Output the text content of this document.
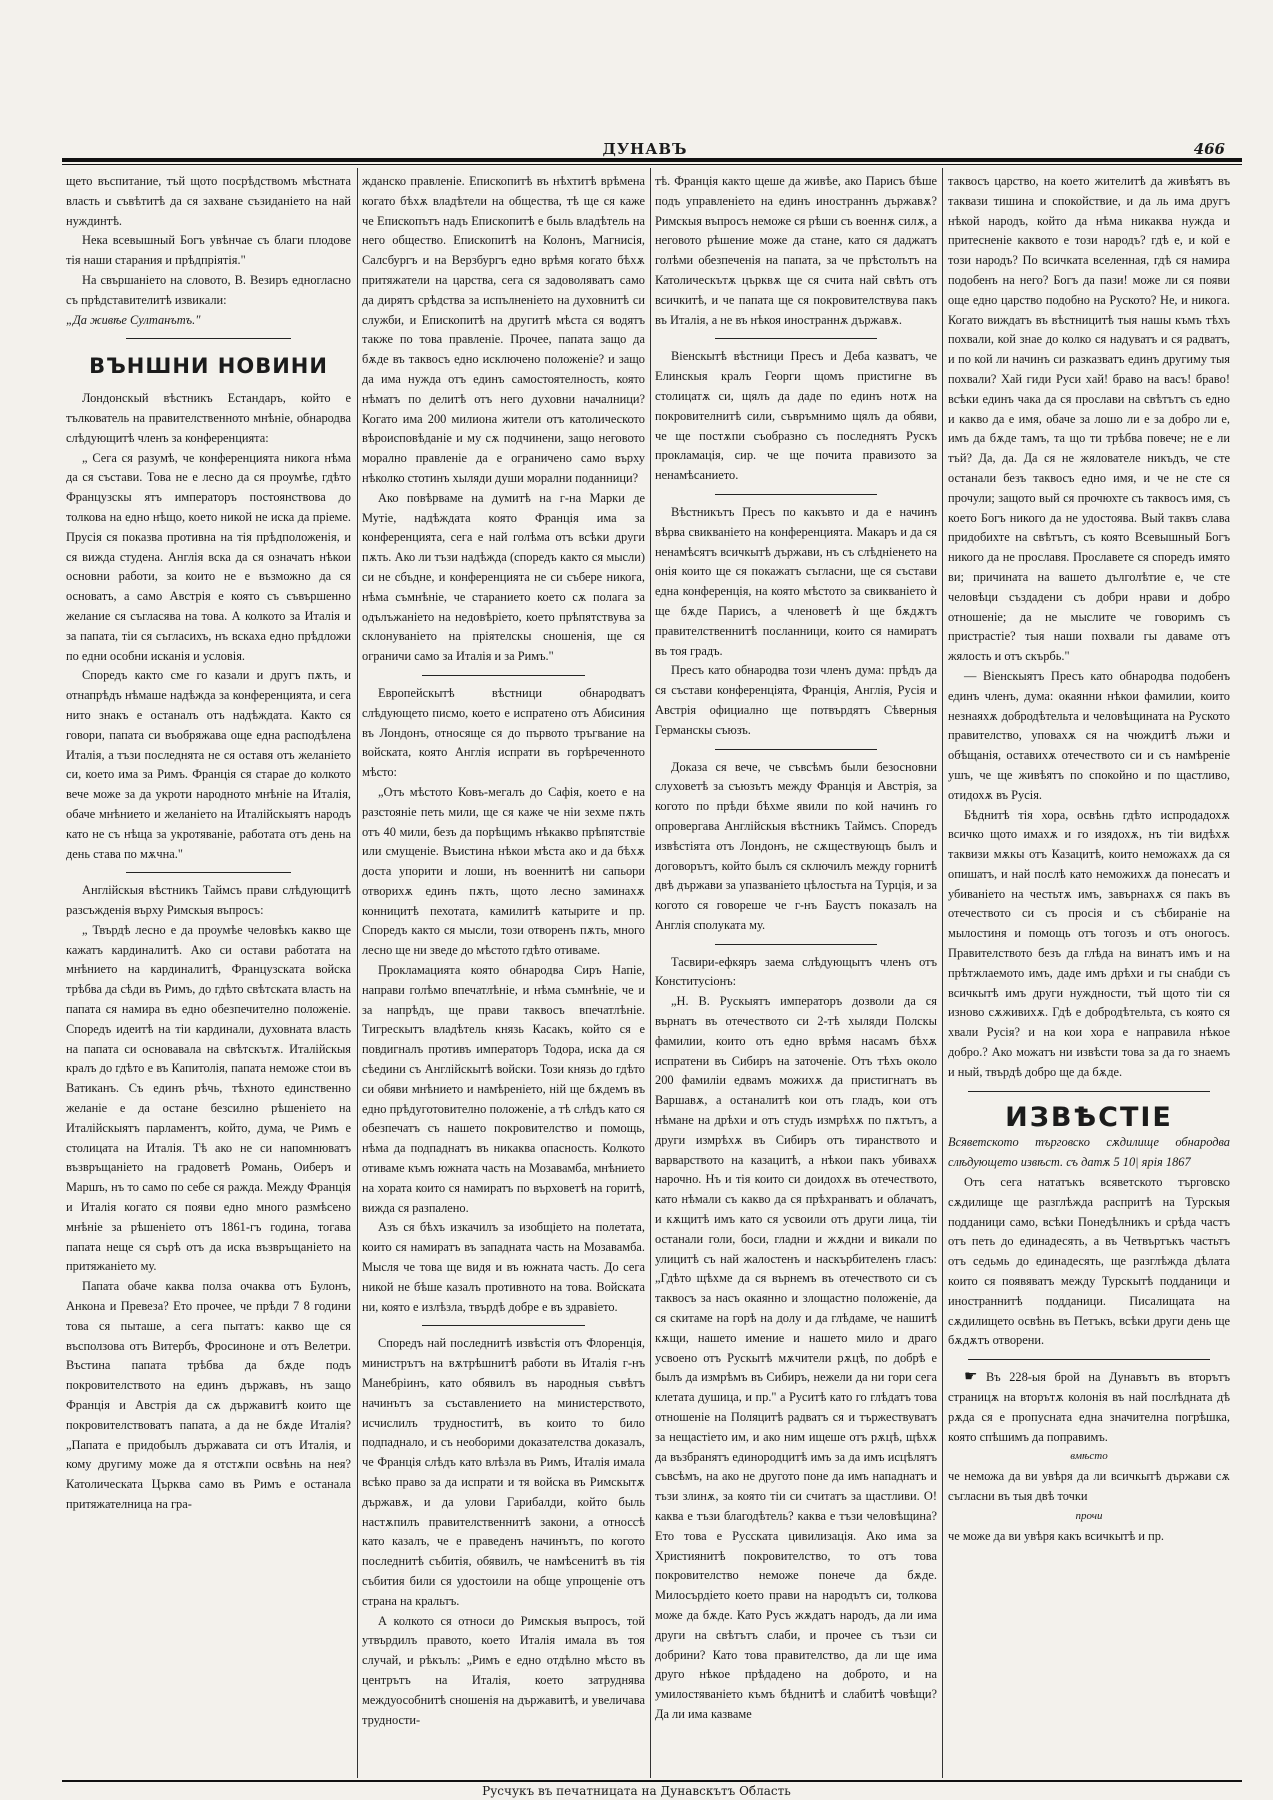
ДУНАВЪ	466

щето въспитание, тъй щото посрѣдствомъ мѣстната власть и съвѣтитѣ да ся захване съзиданіето на най нуждинтѣ.

Нека всевышный Богъ увѣнчае съ благи плодове тія наши старания и прѣдпріятія."

На свършаніето на словото, В. Везиръ едногласно съ прѣдставителитѣ извикали:

„Да живѣе Султанътъ."

ВЪНШНИ НОВИНИ

Лондонскый вѣстникъ Естандаръ, който е тълкователь на правителственното мнѣніе, обнародва слѣдующитѣ членъ за конференцията:

„ Сега ся разумѣ, че конференцията никога нѣма да ся състави. Това не е лесно да ся проумѣе, гдѣто Французскы ятъ императоръ постоянствова до толкова на едно нѣщо, което никой не иска да пріеме. Прусія ся показва противна на тія прѣдположенія, и ся вижда студена. Англія вска да ся означатъ нѣкои основни работи, за които не е възможно да ся основатъ, а само Австрія е която съ съвършенно желание ся съгласява на това. А колкото за Италія и за папата, тіи ся съгласихъ, нъ вскаха едно прѣдложи по едни особни исканія и условія.

Споредъ както сме го казали и другъ пѫть, и отнапрѣдъ нѣмаше надѣжда за конференцията, и сега нито знакъ е останалъ отъ надѣждата. Както ся говори, папата си въобряжава още една расподѣлена Италія, а тъзи последнята не ся оставя отъ желаніето си, което има за Римъ. Франція ся старае до колкото вече може за да укроти народното мнѣніе на Италія, обаче мнѣнието и желаніето на Италійскыятъ народъ като не съ нѣща за укротяваніе, работата отъ день на день става по мѫчна."

Англійскыя вѣстникъ Таймсъ прави слѣдующитѣ разсъжденія върху Римскыя въпросъ:

„ Твърдѣ лесно е да проумѣе человѣкъ какво ще кажатъ кардиналитѣ. Ако си остави работата на мнѣнието на кардиналитѣ, Французската войска трѣбва да сѣди въ Римъ, до гдѣто свѣтската власть на папата ся намира въ едно обезпечително положеніе. Споредъ идеитѣ на тіи кардинали, духовната власть на папата си основавала на свѣтскътѫ. Италійскыя кралъ до гдѣто е въ Капитолія, папата неможе стои въ Ватиканъ. Съ единъ рѣчь, тѣхното единственно желаніе е да остане безсилно рѣшеніето на Италійскыятъ парламентъ, който, дума, че Римъ е столицата на Италія. Тѣ ако не си напомнюватъ възвръщаніето на градоветѣ Романь, Оиберъ и Маршъ, нъ то само по себе ся ражда. Между Франція и Италія когато ся появи едно много размѣсено мнѣніе за рѣшеніето отъ 1861-гъ година, тогава папата неще ся сърѣ отъ да иска възвръщаніето на притяжаніето му.

Папата обаче каква полза очаква отъ Булонъ, Анкона и Превеза? Ето прочее, че прѣди 7 8 години това ся пыташе, а сега пытатъ: какво ще ся въсползова отъ Витербъ, Фросиноне и отъ Велетри. Въстина папата трѣбва да бѫде подъ покровителството на единъ държавъ, нъ защо Франція и Австрія да сѫ държавитѣ които ще покровителствоватъ папата, а да не бѫде Италія? „Папата е придобылъ държавата си отъ Италія, и кому другиму може да я отстѫпи освѣнь на нея? Католическата Църква само въ Римъ е останала притяжателница на гра-

жданско правленіе. Епископитѣ въ нѣхтитѣ врѣмена когато бѣхѫ владѣтели на общества, тѣ ще ся каже че Епископътъ надъ Епископитѣ е быль владѣтель на него общество. Епископитѣ на Колонъ, Магнисія, Салсбургъ и на Верзбургъ едно врѣмя когато бѣхѫ притяжатели на царства, сега ся задоволяватъ само да дирятъ срѣдства за испълненіето на духовнитѣ си служби, и Епископитѣ на другитѣ мѣста ся водятъ также по това правленіе. Прочее, папата защо да бѫде въ таквосъ едно исключено положеніе? и защо да има нужда отъ единъ самостоятелность, която нѣматъ по делитѣ отъ него духовни началници? Когато има 200 милиона жители отъ католическото вѣроисповѣданіе и му сѫ подчинени, защо неговото морално правленіе да е ограничено само върху нѣколко стотинъ хыляди души морални поданници?

Ако повѣрваме на думитѣ на г-на Марки де Мутіе, надѣждата която Франція има за конференцията, сега е най голѣма отъ всѣки други пѫть. Ако ли тъзи надѣжда (споредъ както ся мысли) си не сбъдне, и конференцията не си съберe никога, нѣма съмнѣніе, че старанието което сѫ полага за одълъжаніето на недовѣріето, което прѣпятствува за склонуваніето на пріятелскы сношенія, ще ся ограничи само за Италія и за Римъ."

Европейскытѣ вѣстници обнародватъ слѣдующето писмо, което е испратено отъ Абисиния въ Лондонъ, относяще ся до първото тръгвание на войската, която Англія испрати въ горѣреченното мѣсто:

„Отъ мѣстото Ковъ-мегалъ до Сафія, което е на разстояніе петь мили, ще ся каже че нiи зехме пѫть отъ 40 мили, безъ да порѣщимъ нѣкакво прѣпятствіе или смущеніе. Въистина нѣкои мѣста ако и да бѣхѫ доста упорити и лоши, нъ военнитѣ ни сапьори отворихѫ единъ пѫть, щото лесно заминахѫ конницитѣ пехотата, камилитѣ катырите и пр. Споредъ както ся мысли, този отворенъ пѫть, много лесно ще ни зведе до мѣстото гдѣто отиваме.

Прокламацията която обнародва Сиръ Напіе, направи голѣмо впечатлѣніе, и нѣма съмнѣніе, че и за напрѣдъ, ще прави таквосъ впечатлѣніе. Тигрескытъ владѣтель князь Касакъ, който ся е повдигналъ противъ императоръ Тодора, иска да ся сѣедини съ Англійскытѣ войски. Този князь до гдѣто си обяви мнѣнието и намѣреніето, нiй ще бѫдемъ въ едно прѣдуготовително положеніе, а тѣ слѣдъ като ся обезпечатъ съ нашето покровителство и помощь, нѣма да подпаднатъ въ никаква опасность. Колкото отиваме къмъ южната часть на Мозавамба, мнѣнието на хората които ся намиратъ по върховетѣ на горитѣ, вижда ся разпалено.

Азъ ся бѣхъ изкачилъ за изобщіето на полетата, които ся намиратъ въ западната часть на Мозавамба. Мысля че това ще видя и въ южната часть. До сега никой не бѣше казалъ противното на това. Войската ни, която е излѣзла, твърдѣ добре е въ здравіето.

Споредъ най последнитѣ извѣстія отъ Флоренція, министрътъ на вѫтрѣшнитѣ работи въ Италія г-нъ Манебрiинъ, като обявилъ въ народныя съвѣтъ начинътъ за съставлениeто на министерството, исчислилъ трудноститѣ, въ които то било подпаднало, и съ необорими доказателства доказалъ, че Франція слѣдъ като влѣзла въ Римъ, Италія имала всѣко право за да испрати и тя войска въ Римскытѫ държавѫ, и да улови Гарибалди, който быль настѫпилъ правителственнитѣ закони, а относсѣ като казалъ, че е праведенъ начинътъ, по когото последнитѣ събитія, обявилъ, че намѣсенитѣ въ тія събития били ся удостоили на обще упрощеніе отъ страна на кральтъ.

А колкото ся относи до Римскыя въпросъ, той утвърдилъ правото, което Италія имала въ тоя случай, и рѣкълъ: „Римъ е едно отдѣлно мѣсто въ центрътъ на Италія, което затруднява междуособнитѣ сношенія на държавитѣ, и увеличава трудности-

тѣ. Франція както щеше да живѣе, ако Парисъ бѣше подъ управленіето на единъ иностраннъ държавѫ? Римскыя въпросъ неможе ся рѣши съ военнѫ силѫ, а неговото рѣшение може да стане, като ся даджатъ голѣми обезпеченія на папата, за че прѣстолътъ на Католическътѫ църквѫ ще ся счита най свѣтъ отъ всичкитѣ, и че папата ще ся покровителствува пакъ въ Италія, а не въ нѣкоя иностраннѫ държавѫ.

Віенскытѣ вѣстници Пресъ и Деба казватъ, че Елинскыя кралъ Георги щомъ пристигне въ столицатѫ си, щялъ да даде по единъ нотѫ на покровителнитѣ сили, съвръмнимо щялъ да обяви, че ще постѫпи съобразно съ последнятъ Рускъ прокламація, сир. че ще почита правизото за ненамѣсанието.

Вѣстникътъ Пресъ по какъвто и да е начинъ вѣрва свикваніето на конференцията. Макаръ и да ся ненамѣсятъ всичкытѣ държави, нъ съ слѣдніенето на онія които ще ся покажатъ съгласни, ще ся състави една конференція, на която мѣстото за свикваніето ѝ ще бѫде Парисъ, а членоветѣ ѝ ще бѫдѫтъ правителственнитѣ посланници, които ся намиратъ въ тоя градъ.

Пресъ като обнародва този членъ дума: прѣдъ да ся състави конференціята, Франція, Англія, Русія и Австрія официално ще потвърдятъ Сѣверныя Германскы съюзъ.

Доказа ся вече, че съвсѣмъ были безосновни слуховетѣ за съюзътъ между Франція и Австрія, за когото по прѣди бѣхме явили по кой начинъ го опровергава Англійскыя вѣстникъ Таймсъ. Споредъ извѣстіята отъ Лондонъ, не сѫществующъ былъ и договорътъ, който былъ ся сключилъ между горнитѣ двѣ държави за упазваніето цѣлостьта на Турція, и за когото ся говореше че г-нъ Баустъ показалъ на Англія сполуката му.

Тасвири-ефкяръ заема слѣдующытъ членъ отъ Конститусіонъ:

„Н. В. Рускыятъ императоръ дозволи да ся върнатъ въ отечеството си 2-тѣ хыляди Полскы фамилии, които отъ едно врѣмя насамъ бѣхѫ испратени въ Сибиръ на заточеніе. Отъ тѣхъ около 200 фамиліи едвамъ можихѫ да пристигнатъ въ Варшавѫ, а останалитѣ кои отъ гладъ, кои отъ нѣмане на дрѣхи и отъ студъ измрѣхѫ по пѫтътъ, а други измрѣхѫ въ Сибиръ отъ тиранството и варварството на казацитѣ, а нѣкои пакъ убивахѫ нарочно. Нъ и тія които си доидохѫ въ отечеството, като нѣмали съ какво да ся прѣхранватъ и облачатъ, и кѫщитѣ имъ като ся усвоили отъ други лица, тіи останали голи, боси, гладни и жѫдни и викали по улицитѣ съ най жалостенъ и наскърбителенъ гласъ: „Гдѣто щѣхме да ся върнемъ въ отечеството си съ таквосъ за насъ окаянно и злощастно положеніе, да ся скитаме на горѣ на долу и да глѣдаме, че нашитѣ кѫщи, нашето имение и нашето мило и драго усвоено отъ Рускытѣ мѫчители рѫцѣ, по добрѣ е былъ да измрѣмъ въ Сибиръ, нежели да ни гори сега клетата душица, и пр." а Руситѣ като го глѣдатъ това отношеніе на Поляцитѣ радватъ ся и тържествуватъ за нещастіето им, и ако ним ищеше отъ рѫцѣ, щѣхѫ да възбранятъ единородцитѣ имъ за да имъ исцѣлятъ съвсѣмъ, на ако не другото поне да имъ нападнатъ и тъзи злинѫ, за която тіи си считатъ за щастливи. О! каква е тъзи благодѣтель? каква е тъзи человѣщина? Ето това е Русската цивилизація. Ако има за Християнитѣ покровителство, то отъ това покровителство неможе понече да бѫде. Милосърдіето което прави на народътъ си, толкова може да бѫде. Като Русъ жѫдатъ народъ, да ли има други на свѣтътъ слаби, и прочее съ тъзи си добрини? Като това правителство, да ли ще има друго нѣкое прѣдадено на доброто, и на умилостяваніето къмъ бѣднитѣ и слабитѣ човѣщи? Да ли има казваме

таквосъ царство, на което жителитѣ да живѣятъ въ таквази тишина и спокойствие, и да ль има другъ нѣкой народъ, който да нѣма никаква нужда и притесненіе каквото е този народъ? гдѣ е, и кой е този народъ? По всичката вселенная, гдѣ ся намира подобенъ на него? Богъ да пази! може ли ся появи още едно царство подобно на Руското? Не, и никога. Когато виждатъ въ вѣстницитѣ тыя нашы къмъ тѣхъ похвали, кой знае до колко ся надуватъ и ся радватъ, и по кой ли начинъ си разказватъ единъ другиму тыя похвали? Хай гиди Руси хай! браво на васъ! браво! всѣки единъ чака да ся прослави на свѣтътъ съ едно и какво да е имя, обаче за лошо ли е за добро ли е, имъ да бѫде тамъ, та що ти трѣбва повече; не е ли тъй? Да, да. Да ся не жялователе никъдъ, че сте останали безъ таквосъ едно имя, и че не сте ся прочули; защото вый ся прочюхте съ таквосъ имя, съ което Богъ никого да не удостоява. Вый таквъ слава придобихте на свѣтътъ, съ която Всевышный Богъ никого да не прославя. Прославете ся споредъ имято ви; причината на вашето дълголѣтие е, че сте человѣци създадени съ добри нрави и добро отношеніе; да не мыслите че говоримъ съ пристрастіе? тыя наши похвали гы даваме отъ жялость и отъ скърбь."

— Віенскыятъ Пресъ като обнародва подобенъ единъ членъ, дума: окаянни нѣкои фамилии, които незнаяхѫ добродѣтельта и человѣщината на Руското правителство, уповахѫ ся на чюждитѣ лъжи и обѣщанія, оставихѫ отечеството си и съ намѣреніе ушъ, че ще живѣятъ по спокойно и по щастливо, отидохѫ въ Русія.

Бѣднитѣ тія хора, освѣнь гдѣто испродадохѫ всичко щото имахѫ и го изядохѫ, нъ тіи видѣхѫ таквизи мѫкы отъ Казацитѣ, които неможахѫ да ся опишатъ, и най послѣ като неможихѫ да понесатъ и убиваніето на честьтѫ имъ, завърнахѫ ся пакъ въ отечеството си съ просія и съ сѣбираніе на мылостиня и помощь отъ тогозъ и отъ оногосъ. Правителството безъ да глѣда на винатъ имъ и на прѣтжлаемото имъ, даде имъ дрѣхи и гы снабди съ всичкытѣ имъ други нуждности, тъй щото тіи ся изново сѫживихѫ. Гдѣ е добродѣтельта, съ която ся хвали Русія? и на кои хора е направила нѣкое добро.? Ако можатъ ни извѣсти това за да го знаемъ и ный, твърдѣ добро ще да бѫде.

ИЗВѢСТІЕ

Всяветското търговско сѫдилище обнародва слѣдующето извѣст. съ датѫ 5 10| ярія 1867

Отъ сега нататъкъ всяветското търговско сѫдилище ще разглѣжда распритѣ на Турскыя подданици само, всѣки Понедѣлникъ и срѣда частъ отъ петь до единадесять, а въ Четвъртъкъ частьтъ отъ седьмь до единадесять, ще разглѣжда дѣлата които ся появяватъ между Турскытѣ подданици и иностраннитѣ подданици. Писалищата на сѫдилището освѣнь въ Петъкъ, всѣки други день ще бѫдѫтъ отворени.

☛ Въ 228-ыя брой на Дунавътъ въ вторътъ страницѫ на вторътѫ колонія въ най послѣдната дѣ рѫда ся е пропусната една значителна погрѣшка, която спѣшимъ да поправимъ.

вмѣсто

че неможа да ви увѣря да ли всичкытѣ държави сѫ съгласни въ тыя двѣ точки

прочи

че може да ви увѣря какъ всичкытѣ и пр.

Русчукъ въ печатницата на Дунавскътъ Область
